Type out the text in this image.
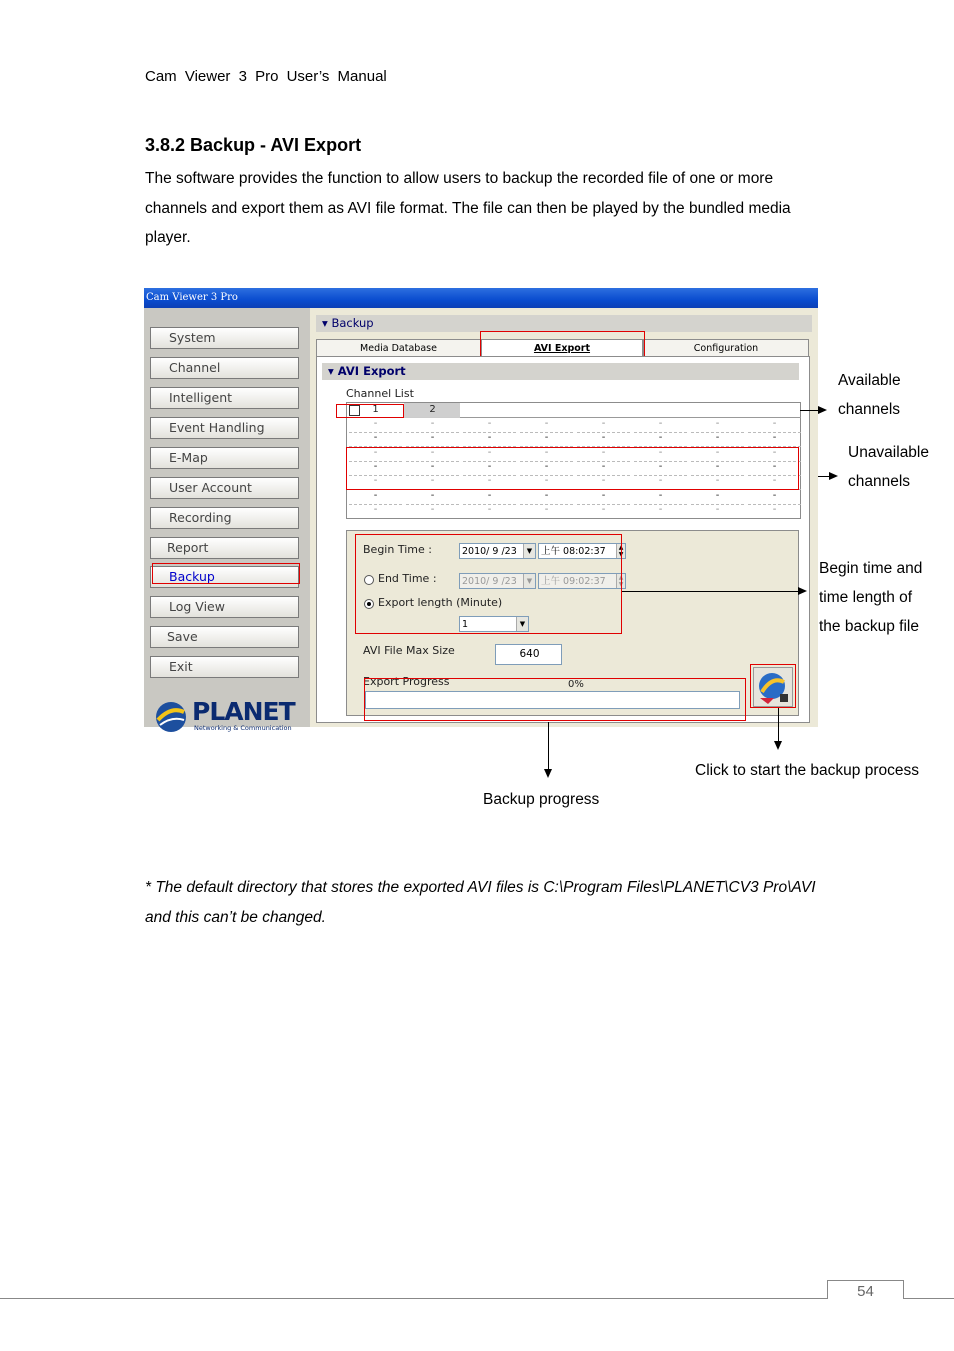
Cam Viewer 3 Pro User’s Manual
3.8.2 Backup - AVI Export
The software provides the function to allow users to backup the recorded file of one or more channels and export them as AVI file format. The file can then be played by the bundled media player.
Cam Viewer 3 Pro
System
Channel
Intelligent
Event Handling
E-Map
User Account
Recording
Report
Backup
Log View
Save
Exit
PLANET
Networking & Communication
▾ Backup
Media Database	AVI Export	Configuration
▾ AVI Export
Channel List
1	2
-	-	-	-	-	-	-	-
-	-	-	-	-	-	-	-
-	-	-	-	-	-	-	-
-	-	-	-	-	-	-	-
-	-	-	-	-	-	-	-
-	-	-	-	-	-	-	-
-	-	-	-	-	-	-	-
Begin Time :	2010/ 9 /23	▼ 上午 08:02:37	▲
▼
End Time :	2010/ 9 /23	▼ 上午 09:02:37	▲
▼
Export length (Minute)
1	▼
AVI File Max Size	640
Export Progress	0%
Available
channels
Unavailable
channels
Begin time and
time length of
the backup file
Click to start the backup process
Backup progress
* The default directory that stores the exported AVI files is C:\Program Files\PLANET\CV3 Pro\AVI and this can’t be changed.
54
